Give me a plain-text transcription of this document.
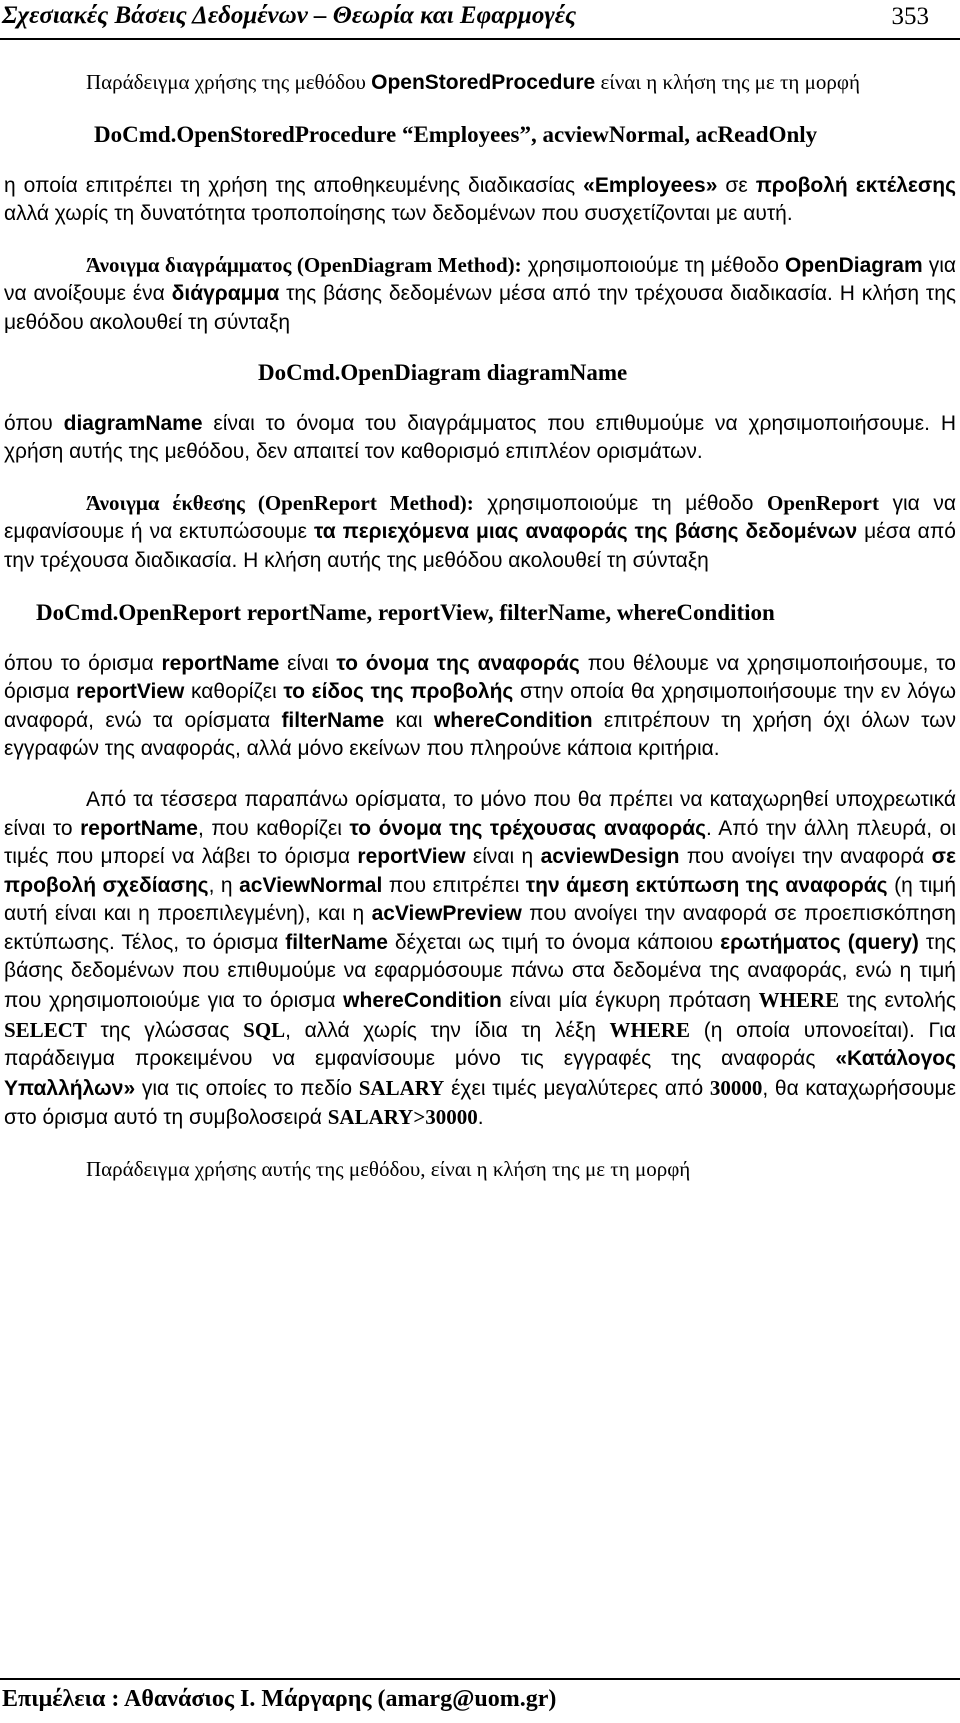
Σχεσιακές Βάσεις Δεδομένων – Θεωρία και Εφαρμογές	353

Παράδειγμα χρήσης της μεθόδου OpenStoredProcedure είναι η κλήση της με τη μορφή

DoCmd.OpenStoredProcedure “Employees”, acviewNormal, acReadOnly

η οποία επιτρέπει τη χρήση της αποθηκευμένης διαδικασίας «Employees» σε προβολή εκτέλεσης αλλά χωρίς τη δυνατότητα τροποποίησης των δεδομένων που συσχετίζονται με αυτή.

Άνοιγμα διαγράμματος (OpenDiagram Method): χρησιμοποιούμε τη μέθοδο OpenDiagram για να ανοίξουμε ένα διάγραμμα της βάσης δεδομένων μέσα από την τρέχουσα διαδικασία. Η κλήση της μεθόδου ακολουθεί τη σύνταξη

DoCmd.OpenDiagram diagramName

όπου diagramName είναι το όνομα του διαγράμματος που επιθυμούμε να χρησιμοποιήσουμε. Η χρήση αυτής της μεθόδου, δεν απαιτεί τον καθορισμό επιπλέον ορισμάτων.

Άνοιγμα έκθεσης (OpenReport Method): χρησιμοποιούμε τη μέθοδο OpenReport για να εμφανίσουμε ή να εκτυπώσουμε τα περιεχόμενα μιας αναφοράς της βάσης δεδομένων μέσα από την τρέχουσα διαδικασία. Η κλήση αυτής της μεθόδου ακολουθεί τη σύνταξη

DoCmd.OpenReport reportName, reportView, filterName, whereCondition

όπου το όρισμα reportName είναι το όνομα της αναφοράς που θέλουμε να χρησιμοποιήσουμε, το όρισμα reportView καθορίζει το είδος της προβολής στην οποία θα χρησιμοποιήσουμε την εν λόγω αναφορά, ενώ τα ορίσματα filterName και whereCondition επιτρέπουν τη χρήση όχι όλων των εγγραφών της αναφοράς, αλλά μόνο εκείνων που πληρούνε κάποια κριτήρια.

Από τα τέσσερα παραπάνω ορίσματα, το μόνο που θα πρέπει να καταχωρηθεί υποχρεωτικά είναι το reportName, που καθορίζει το όνομα της τρέχουσας αναφοράς. Από την άλλη πλευρά, οι τιμές που μπορεί να λάβει το όρισμα reportView είναι η acviewDesign που ανοίγει την αναφορά σε προβολή σχεδίασης, η acViewNormal που επιτρέπει την άμεση εκτύπωση της αναφοράς (η τιμή αυτή είναι και η προεπιλεγμένη), και η acViewPreview που ανοίγει την αναφορά σε προεπισκόπηση εκτύπωσης. Τέλος, το όρισμα filterName δέχεται ως τιμή το όνομα κάποιου ερωτήματος (query) της βάσης δεδομένων που επιθυμούμε να εφαρμόσουμε πάνω στα δεδομένα της αναφοράς, ενώ η τιμή που χρησιμοποιούμε για το όρισμα whereCondition είναι μία έγκυρη πρόταση WHERE της εντολής SELECT της γλώσσας SQL, αλλά χωρίς την ίδια τη λέξη WHERE (η οποία υπονοείται). Για παράδειγμα προκειμένου να εμφανίσουμε μόνο τις εγγραφές της αναφοράς «Κατάλογος Υπαλλήλων» για τις οποίες το πεδίο SALARY έχει τιμές μεγαλύτερες από 30000, θα καταχωρήσουμε στο όρισμα αυτό τη συμβολοσειρά SALARY>30000.

Παράδειγμα χρήσης αυτής της μεθόδου, είναι η κλήση της με τη μορφή

Επιμέλεια : Αθανάσιος Ι. Μάργαρης (amarg@uom.gr)
